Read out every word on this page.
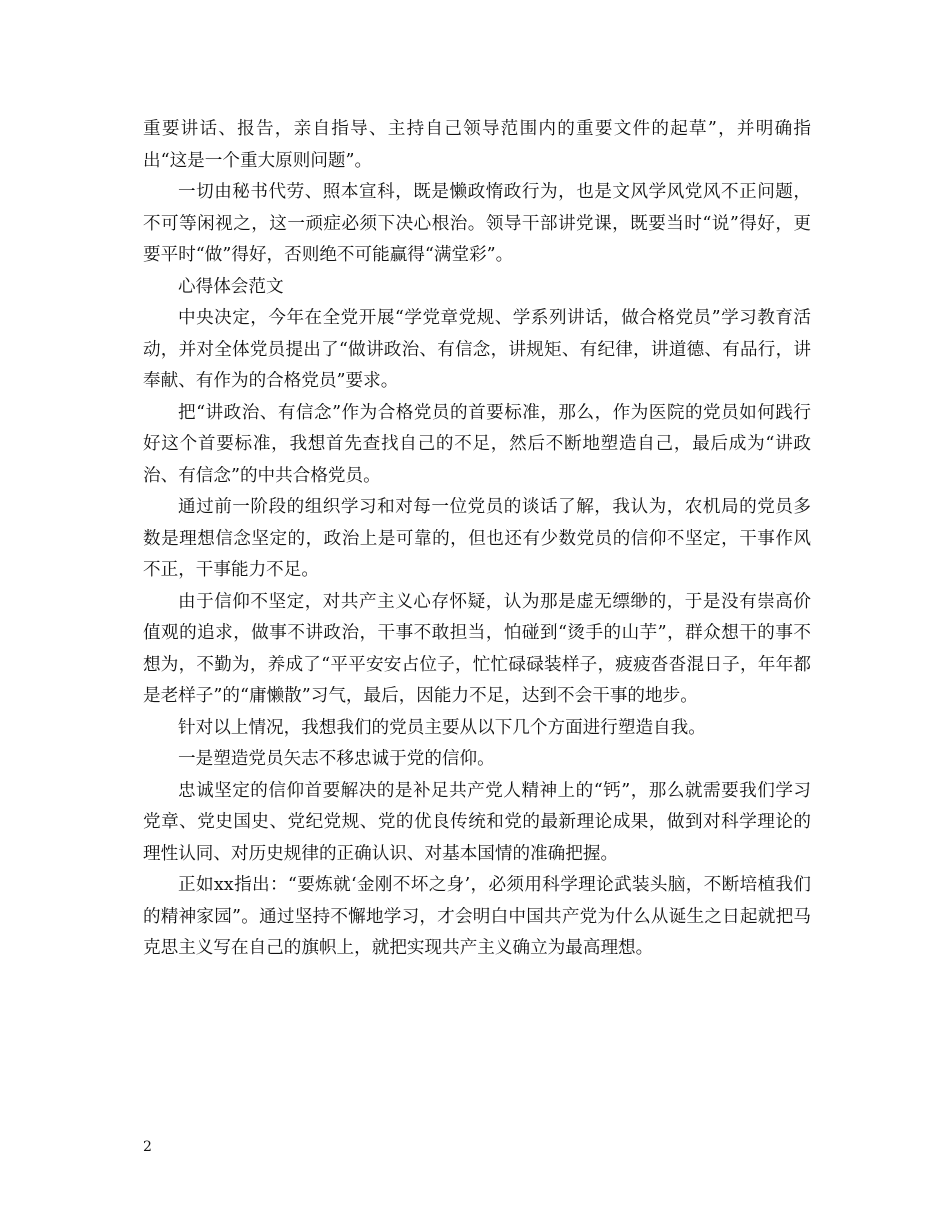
重要讲话、报告，亲自指导、主持自己领导范围内的重要文件的起草”，并明确指出“这是一个重大原则问题”。

一切由秘书代劳、照本宣科，既是懒政惰政行为，也是文风学风党风不正问题，不可等闲视之，这一顽症必须下决心根治。领导干部讲党课，既要当时“说”得好，更要平时“做”得好，否则绝不可能赢得“满堂彩”。

心得体会范文

中央决定，今年在全党开展“学党章党规、学系列讲话，做合格党员”学习教育活动，并对全体党员提出了“做讲政治、有信念，讲规矩、有纪律，讲道德、有品行，讲奉献、有作为的合格党员”要求。

把“讲政治、有信念”作为合格党员的首要标准，那么，作为医院的党员如何践行好这个首要标准，我想首先查找自己的不足，然后不断地塑造自己，最后成为“讲政治、有信念”的中共合格党员。

通过前一阶段的组织学习和对每一位党员的谈话了解，我认为，农机局的党员多数是理想信念坚定的，政治上是可靠的，但也还有少数党员的信仰不坚定，干事作风不正，干事能力不足。

由于信仰不坚定，对共产主义心存怀疑，认为那是虚无缥缈的，于是没有崇高价值观的追求，做事不讲政治，干事不敢担当，怕碰到“烫手的山芋”，群众想干的事不想为，不勤为，养成了“平平安安占位子，忙忙碌碌装样子，疲疲沓沓混日子，年年都是老样子”的“庸懒散”习气，最后，因能力不足，达到不会干事的地步。

针对以上情况，我想我们的党员主要从以下几个方面进行塑造自我。

一是塑造党员矢志不移忠诚于党的信仰。

忠诚坚定的信仰首要解决的是补足共产党人精神上的“钙”，那么就需要我们学习党章、党史国史、党纪党规、党的优良传统和党的最新理论成果，做到对科学理论的理性认同、对历史规律的正确认识、对基本国情的准确把握。

正如xx指出：“要炼就‘金刚不坏之身’，必须用科学理论武装头脑，不断培植我们的精神家园”。通过坚持不懈地学习，才会明白中国共产党为什么从诞生之日起就把马克思主义写在自己的旗帜上，就把实现共产主义确立为最高理想。

2
